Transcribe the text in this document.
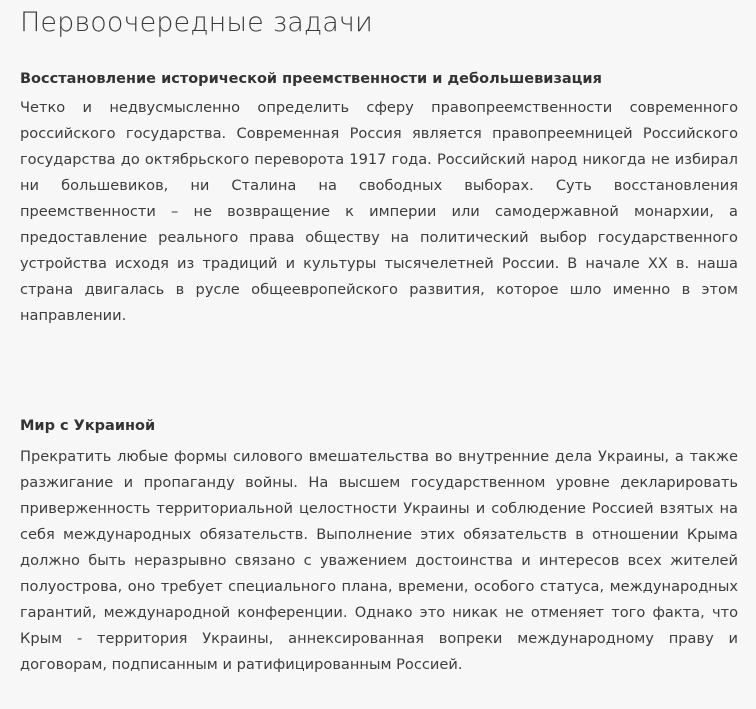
Первоочередные задачи
Восстановление исторической преемственности и дебольшевизация

Четко и недвусмысленно определить сферу правопреемственности современного российского государства. Современная Россия является правопреемницей Российского государства до октябрьского переворота 1917 года. Российский народ никогда не избирал ни большевиков, ни Сталина на свободных выборах. Суть восстановления преемственности – не возвращение к империи или самодержавной монархии, а предоставление реального права обществу на политический выбор государственного устройства исходя из традиций и культуры тысячелетней России. В начале ХХ в. наша страна двигалась в русле общеевропейского развития, которое шло именно в этом направлении.

Мир с Украиной

Прекратить любые формы силового вмешательства во внутренние дела Украины, а также разжигание и пропаганду войны. На высшем государственном уровне декларировать приверженность территориальной целостности Украины и соблюдение Россией взятых на себя международных обязательств. Выполнение этих обязательств в отношении Крыма должно быть неразрывно связано с уважением достоинства и интересов всех жителей полуострова, оно требует специального плана, времени, особого статуса, международных гарантий, международной конференции. Однако это никак не отменяет того факта, что Крым - территория Украины, аннексированная вопреки международному праву и договорам, подписанным и ратифицированным Россией.
